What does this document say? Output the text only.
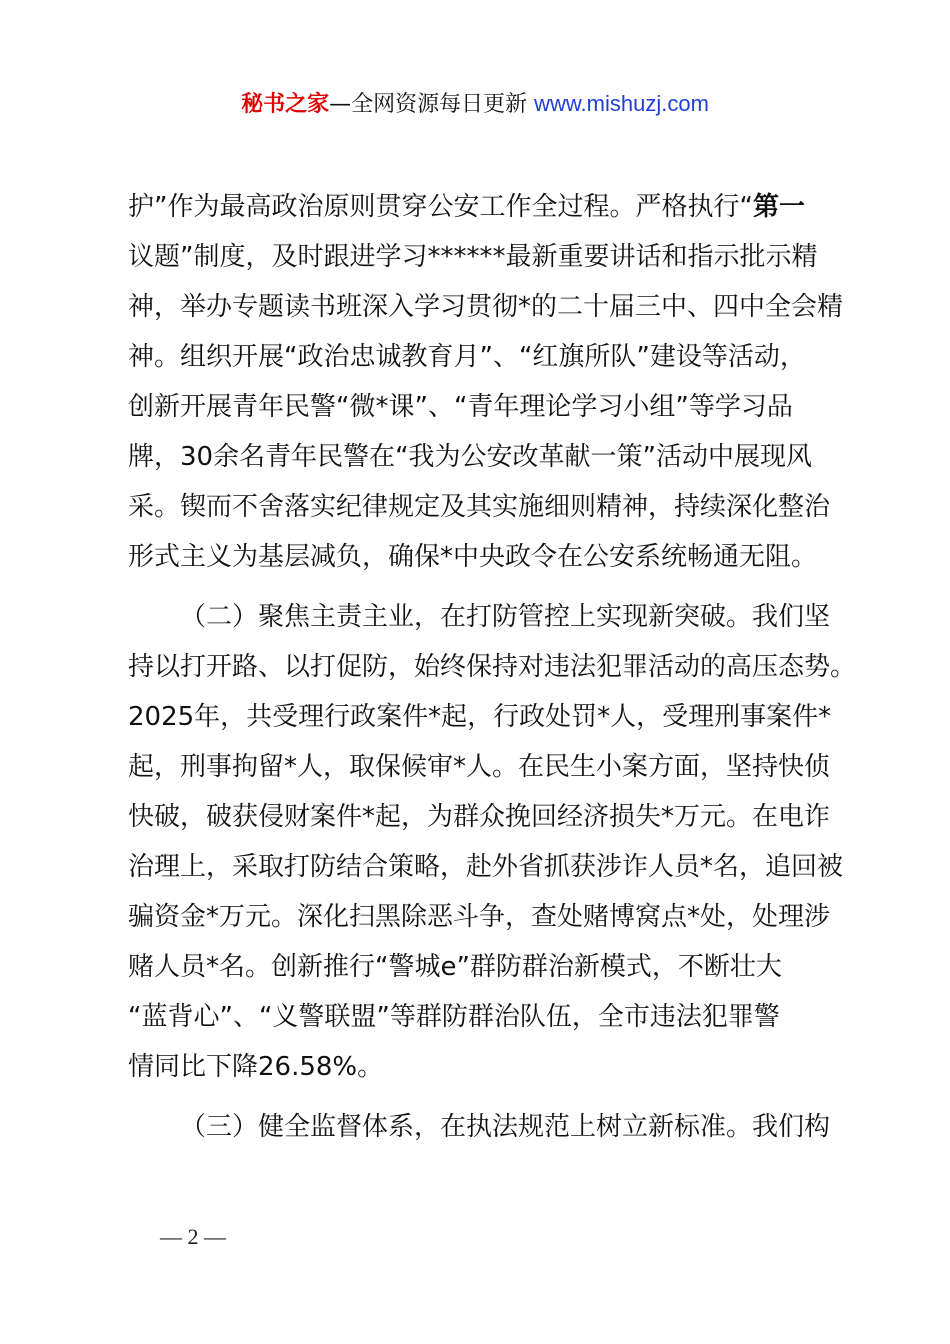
秘书之家—全网资源每日更新 www.mishuzj.com
护”作为最高政治原则贯穿公安工作全过程。严格执行“第一
议题”制度，及时跟进学习******最新重要讲话和指示批示精
神，举办专题读书班深入学习贯彻*的二十届三中、四中全会精
神。组织开展“政治忠诚教育月”、“红旗所队”建设等活动，
创新开展青年民警“微*课”、“青年理论学习小组”等学习品
牌，30余名青年民警在“我为公安改革献一策”活动中展现风
采。锲而不舍落实纪律规定及其实施细则精神，持续深化整治
形式主义为基层减负，确保*中央政令在公安系统畅通无阻。
（二）聚焦主责主业，在打防管控上实现新突破。我们坚
持以打开路、以打促防，始终保持对违法犯罪活动的高压态势。
2025年，共受理行政案件*起，行政处罚*人，受理刑事案件*
起，刑事拘留*人，取保候审*人。在民生小案方面，坚持快侦
快破，破获侵财案件*起，为群众挽回经济损失*万元。在电诈
治理上，采取打防结合策略，赴外省抓获涉诈人员*名，追回被
骗资金*万元。深化扫黑除恶斗争，查处赌博窝点*处，处理涉
赌人员*名。创新推行“警城e”群防群治新模式，不断壮大
“蓝背心”、“义警联盟”等群防群治队伍，全市违法犯罪警
情同比下降26.58%。
（三）健全监督体系，在执法规范上树立新标准。我们构
— 2 —
